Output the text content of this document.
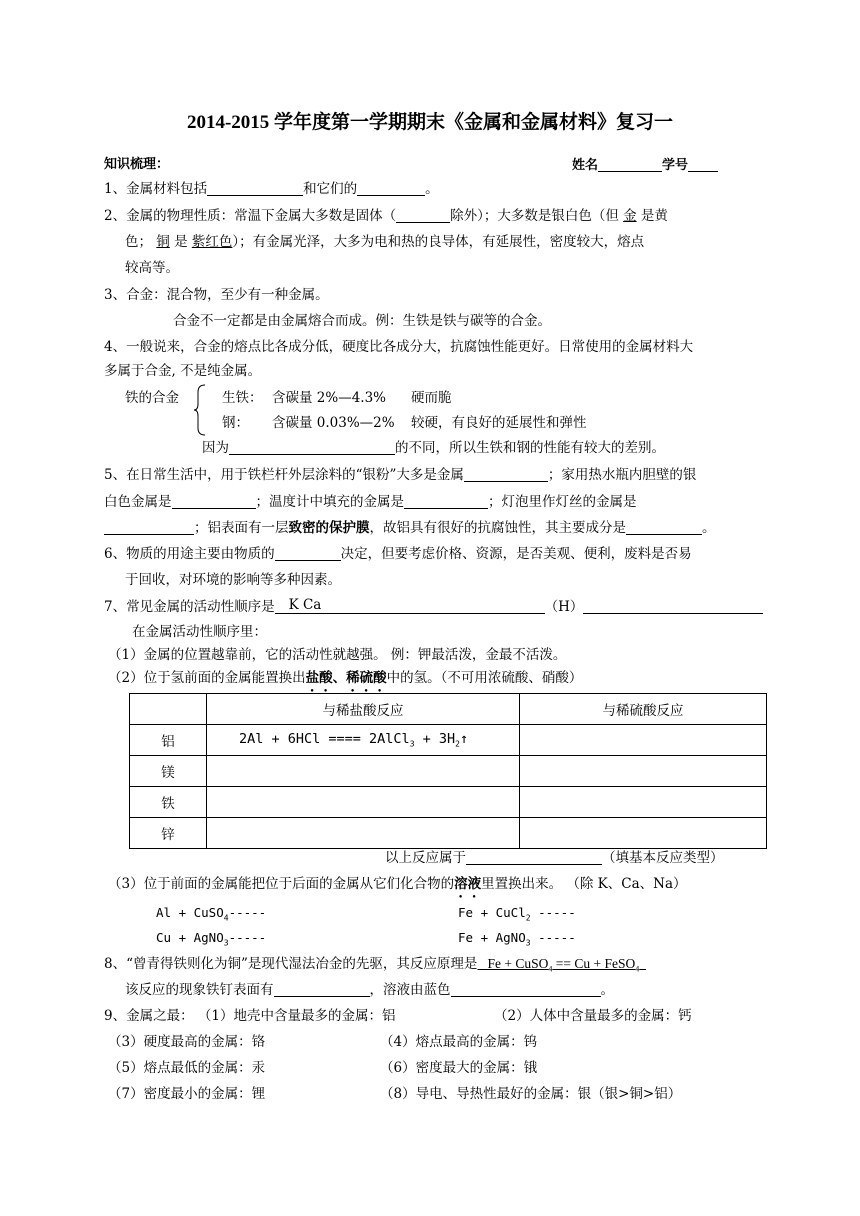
2014-2015 学年度第一学期期末《金属和金属材料》复习一
知识梳理：	姓名	学号
1、金属材料包括	和它们的	。
2、金属的物理性质：常温下金属大多数是固体（	除外）；大多数是银白色（但 金 是黄
色； 铜 是 紫红色）；有金属光泽，大多为电和热的良导体，有延展性，密度较大，熔点
较高等。
3、合金：混合物，至少有一种金属。
合金不一定都是由金属熔合而成。例：生铁是铁与碳等的合金。
4、一般说来，合金的熔点比各成分低，硬度比各成分大，抗腐蚀性能更好。日常使用的金属材料大
多属于合金, 不是纯金属。
铁的合金	生铁： 含碳量 2%—4.3% 硬而脆
钢： 含碳量 0.03%—2% 较硬，有良好的延展性和弹性
因为	的不同，所以生铁和钢的性能有较大的差别。
5、在日常生活中，用于铁栏杆外层涂料的“银粉”大多是金属	；家用热水瓶内胆壁的银
白色金属是	；温度计中填充的金属是	；灯泡里作灯丝的金属是
；铝表面有一层致密的保护膜，故铝具有很好的抗腐蚀性，其主要成分是	。
6、物质的用途主要由物质的	决定，但要考虑价格、资源，是否美观、便利，废料是否易
于回收，对环境的影响等多种因素。
7、常见金属的活动性顺序是 K Ca	（H）
在金属活动性顺序里：
（1）金属的位置越靠前，它的活动性就越强。 例：钾最活泼，金最不活泼。
（2）位于氢前面的金属能置换出盐酸、稀硫酸中的氢。（不可用浓硫酸、硝酸）
	与稀盐酸反应	与稀硫酸反应
铝	2Al + 6HCl ==== 2AlCl$_3$ + $3H_2↑$	
镁		
铁		
锌		
以上反应属于	（填基本反应类型）
（3）位于前面的金属能把位于后面的金属从它们化合物的溶液里置换出来。 （除 K、Ca、Na）
Al + CuSO$_4$-----	Fe + CuCl$_2$ -----
Cu + AgNO$_3$-----	Fe + AgNO$_3$ -----
8、“曾青得铁则化为铜”是现代湿法冶金的先驱，其反应原理是 Fe + CuSO$_4$ == Cu + FeSO$_4$
该反应的现象铁钉表面有	，溶液由蓝色	。
9、金属之最： （1）地壳中含量最多的金属：铝	（2）人体中含量最多的金属：钙
（3）硬度最高的金属：铬	（4）熔点最高的金属：钨
（5）熔点最低的金属：汞	（6）密度最大的金属：锇
（7）密度最小的金属：锂	（8）导电、导热性最好的金属：银（银>铜>铝）
